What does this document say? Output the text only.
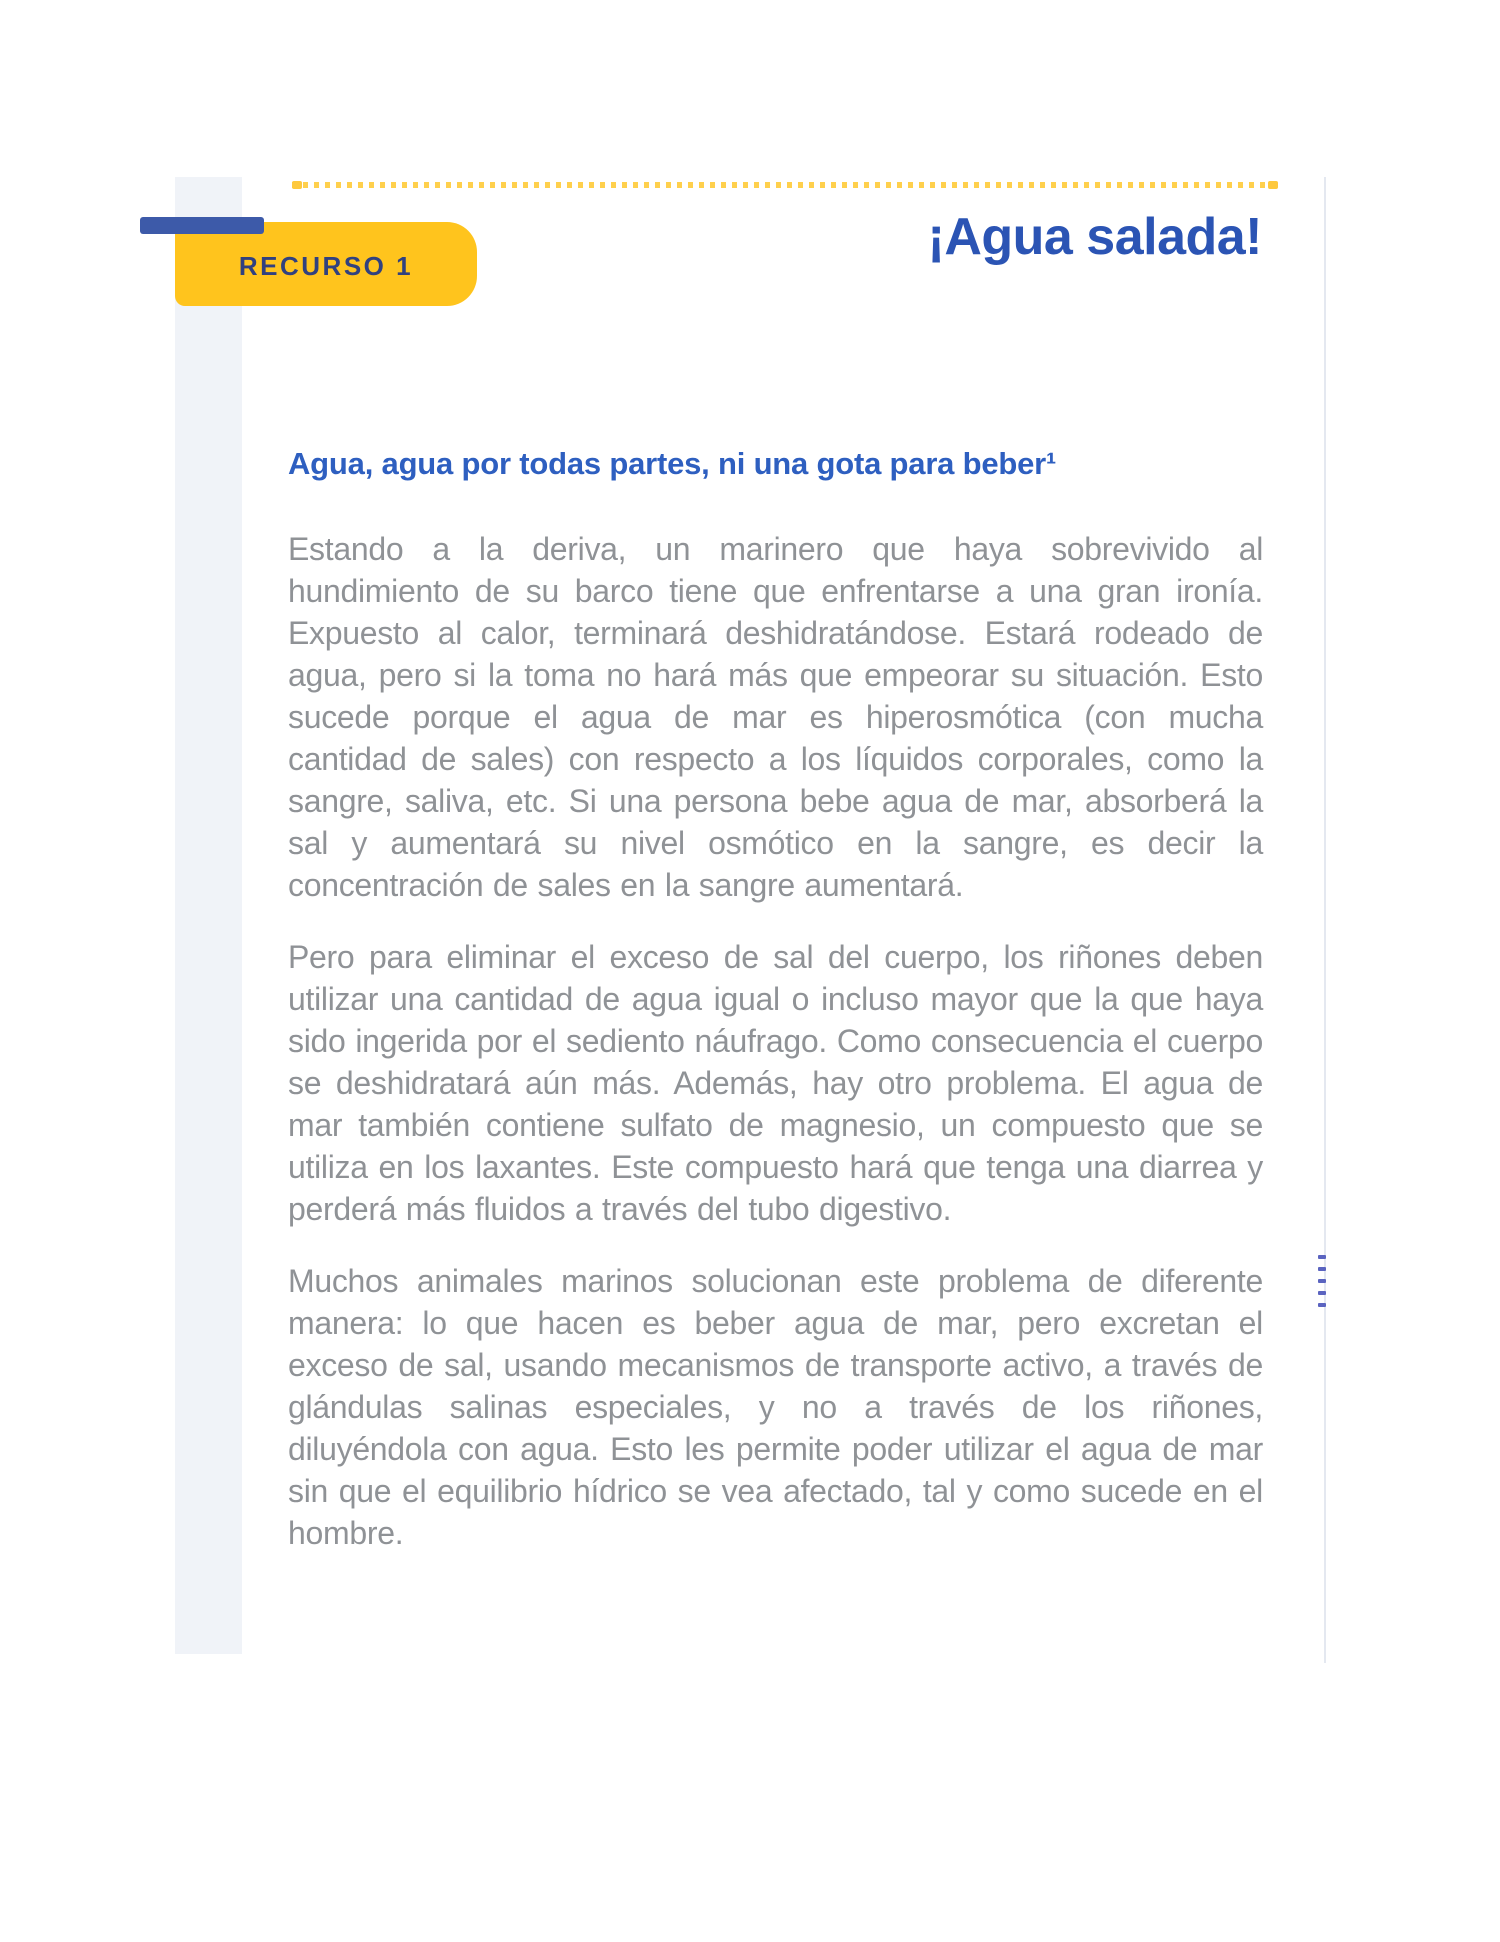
RECURSO 1	¡Agua salada!
Agua, agua por todas partes, ni una gota para beber¹

Estando a la deriva, un marinero que haya sobrevivido al hundimiento de su barco tiene que enfrentarse a una gran ironía. Expuesto al calor, terminará deshidratándose. Estará rodeado de agua, pero si la toma no hará más que empeorar su situación. Esto sucede porque el agua de mar es hiperosmótica (con mucha cantidad de sales) con respecto a los líquidos corporales, como la sangre, saliva, etc. Si una persona bebe agua de mar, absorberá la sal y aumentará su nivel osmótico en la sangre, es decir la concentración de sales en la sangre aumentará.

Pero para eliminar el exceso de sal del cuerpo, los riñones deben utilizar una cantidad de agua igual o incluso mayor que la que haya sido ingerida por el sediento náufrago. Como consecuencia el cuerpo se deshidratará aún más. Además, hay otro problema. El agua de mar también contiene sulfato de magnesio, un compuesto que se utiliza en los laxantes. Este compuesto hará que tenga una diarrea y perderá más fluidos a través del tubo digestivo.

Muchos animales marinos solucionan este problema de diferente manera: lo que hacen es beber agua de mar, pero excretan el exceso de sal, usando mecanismos de transporte activo, a través de glándulas salinas especiales, y no a través de los riñones, diluyéndola con agua. Esto les permite poder utilizar el agua de mar sin que el equilibrio hídrico se vea afectado, tal y como sucede en el hombre.
